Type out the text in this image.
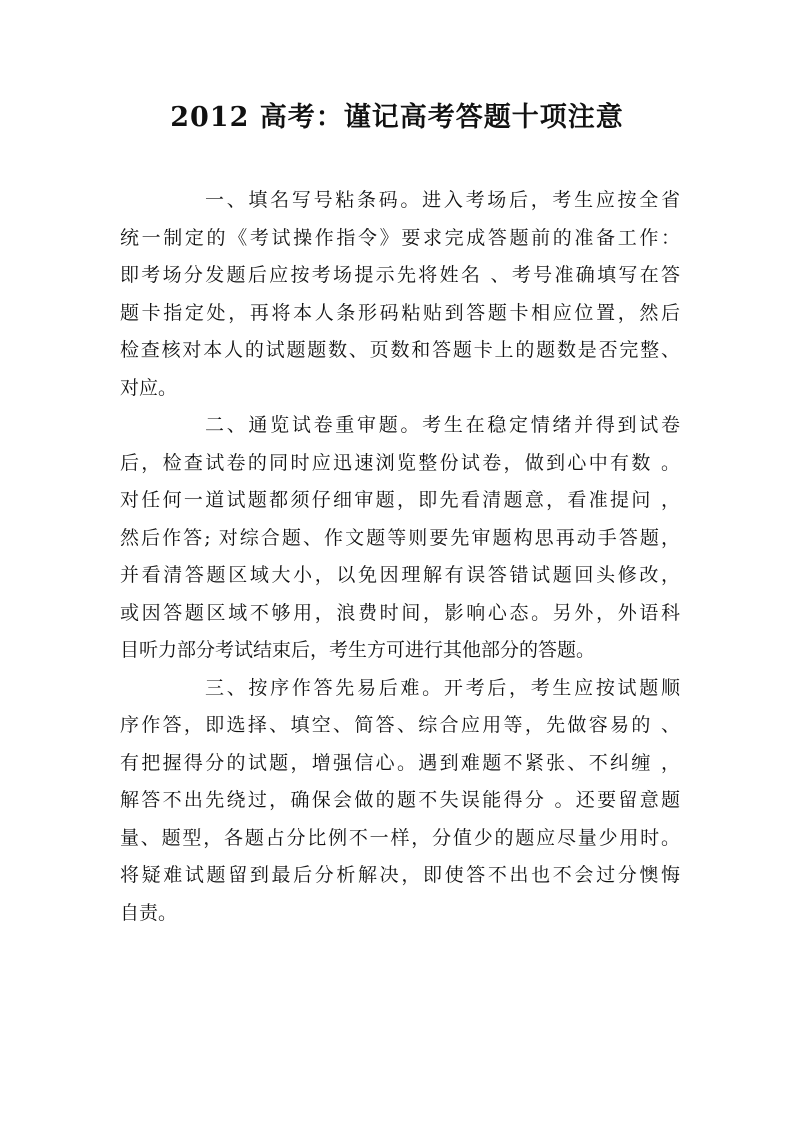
2012 高考：谨记高考答题十项注意
一、填名写号粘条码。进入考场后，考生应按全省
统一制定的《考试操作指令》要求完成答题前的准备工作：
即考场分发题后应按考场提示先将姓名 、考号准确填写在答
题卡指定处，再将本人条形码粘贴到答题卡相应位置，然后
检查核对本人的试题题数、页数和答题卡上的题数是否完整、
对应。
二、通览试卷重审题。考生在稳定情绪并得到试卷
后，检查试卷的同时应迅速浏览整份试卷，做到心中有数 。
对任何一道试题都须仔细审题，即先看清题意，看准提问 ，
然后作答; 对综合题、作文题等则要先审题构思再动手答题，
并看清答题区域大小，以免因理解有误答错试题回头修改，
或因答题区域不够用，浪费时间，影响心态。另外，外语科
目听力部分考试结束后，考生方可进行其他部分的答题。
三、按序作答先易后难。开考后，考生应按试题顺
序作答，即选择、填空、简答、综合应用等，先做容易的 、
有把握得分的试题，增强信心。遇到难题不紧张、不纠缠 ，
解答不出先绕过，确保会做的题不失误能得分 。还要留意题
量、题型，各题占分比例不一样，分值少的题应尽量少用时。
将疑难试题留到最后分析解决，即使答不出也不会过分懊悔
自责。
